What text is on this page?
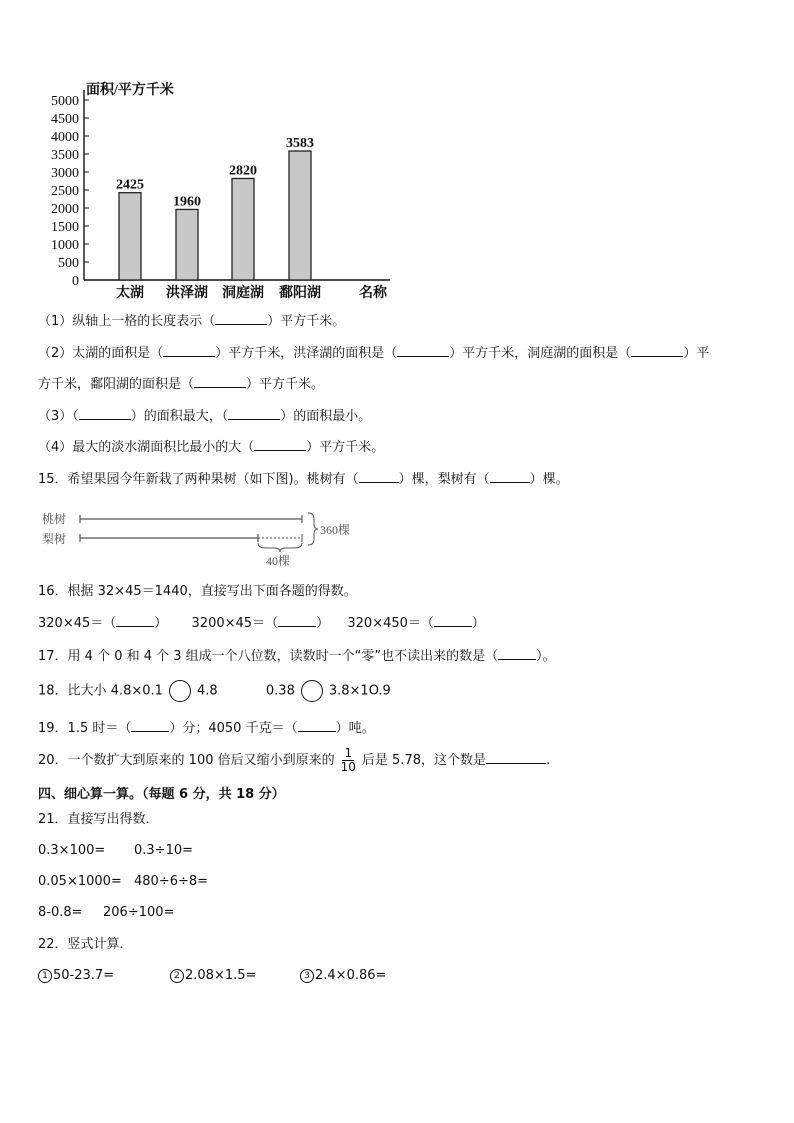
面积/平方千米
0
500
1000
1500
2000
2500
3000
3500
4000
4500
5000
2425
太湖
1960
洪泽湖
2820
洞庭湖
3583
鄱阳湖	名称
（1）纵轴上一格的长度表示（	）平方千米。
（2）太湖的面积是（	）平方千米，洪泽湖的面积是（	）平方千米，洞庭湖的面积是（	）平
方千米，鄱阳湖的面积是（	）平方千米。
（3）（	）的面积最大，（	）的面积最小。
（4）最大的淡水湖面积比最小的大（	）平方千米。
15．希望果园今年新栽了两种果树（如下图)。桃树有（	）棵，梨树有（	）棵。
桃树
梨树
40棵
360棵
16．根据 32×45＝1440，直接写出下面各题的得数。
320×45＝（	） 3200×45＝（	） 320×450＝（	）
17．用 4 个 0 和 4 个 3 组成一个八位数，读数时一个“零”也不读出来的数是（	）。
18．比大小 4.8×0.1	4.8	0.38	3.8×1O.9
19．1.5 时＝（	）分；4050 千克＝（	）吨。
20．一个数扩大到原来的 100 倍后又缩小到原来的 $\frac{1}{10}$ 后是 5.78，这个数是	.
四、细心算一算。（每题 6 分，共 18 分）
21．直接写出得数．
0.3×100= 0.3÷10=
0.05×1000= 480÷6÷8=
8-0.8= 206÷100=
22．竖式计算．
1 50-23.7=	2 2.08×1.5=	3 2.4×0.86=
